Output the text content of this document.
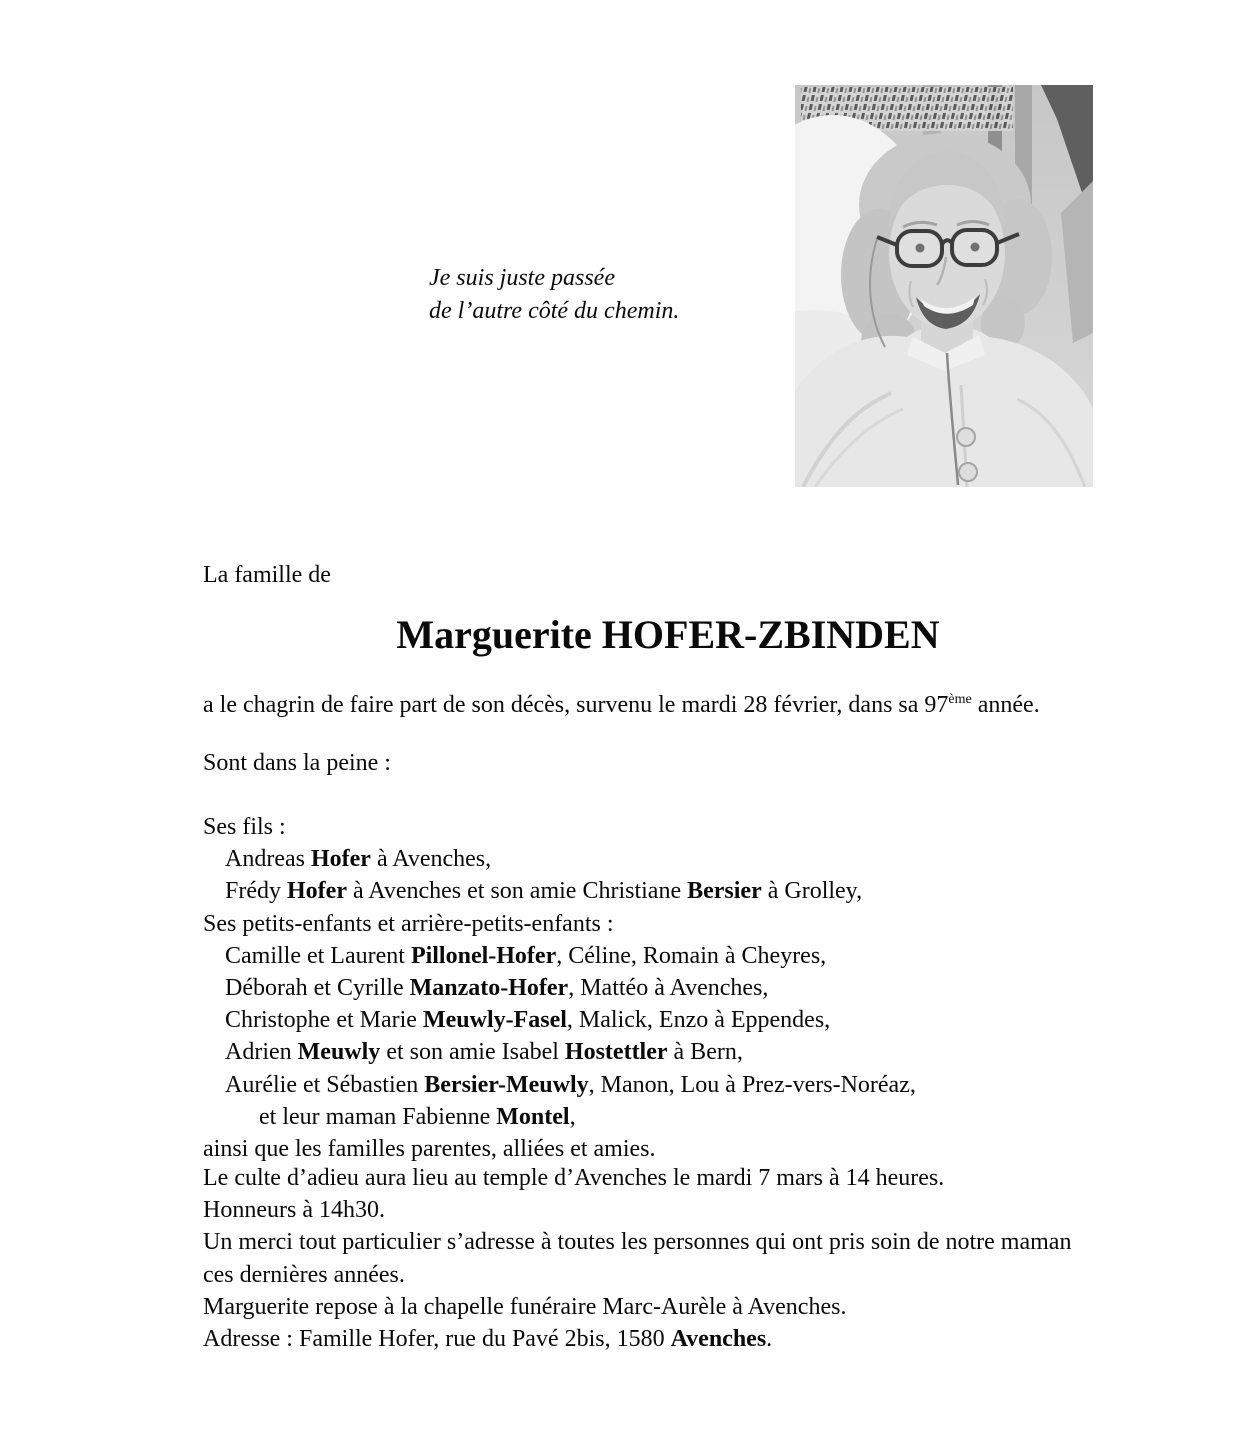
Je suis juste passée
de l’autre côté du chemin.
La famille de
Marguerite HOFER-ZBINDEN
a le chagrin de faire part de son décès, survenu le mardi 28 février, dans sa 97ème année.
Sont dans la peine :
Ses fils :
Andreas Hofer à Avenches,
Frédy Hofer à Avenches et son amie Christiane Bersier à Grolley,
Ses petits-enfants et arrière-petits-enfants :
Camille et Laurent Pillonel-Hofer, Céline, Romain à Cheyres,
Déborah et Cyrille Manzato-Hofer, Mattéo à Avenches,
Christophe et Marie Meuwly-Fasel, Malick, Enzo à Eppendes,
Adrien Meuwly et son amie Isabel Hostettler à Bern,
Aurélie et Sébastien Bersier-Meuwly, Manon, Lou à Prez-vers-Noréaz,
et leur maman Fabienne Montel,
ainsi que les familles parentes, alliées et amies.
Le culte d’adieu aura lieu au temple d’Avenches le mardi 7 mars à 14 heures.
Honneurs à 14h30.
Un merci tout particulier s’adresse à toutes les personnes qui ont pris soin de notre maman
ces dernières années.
Marguerite repose à la chapelle funéraire Marc-Aurèle à Avenches.
Adresse : Famille Hofer, rue du Pavé 2bis, 1580 Avenches.
